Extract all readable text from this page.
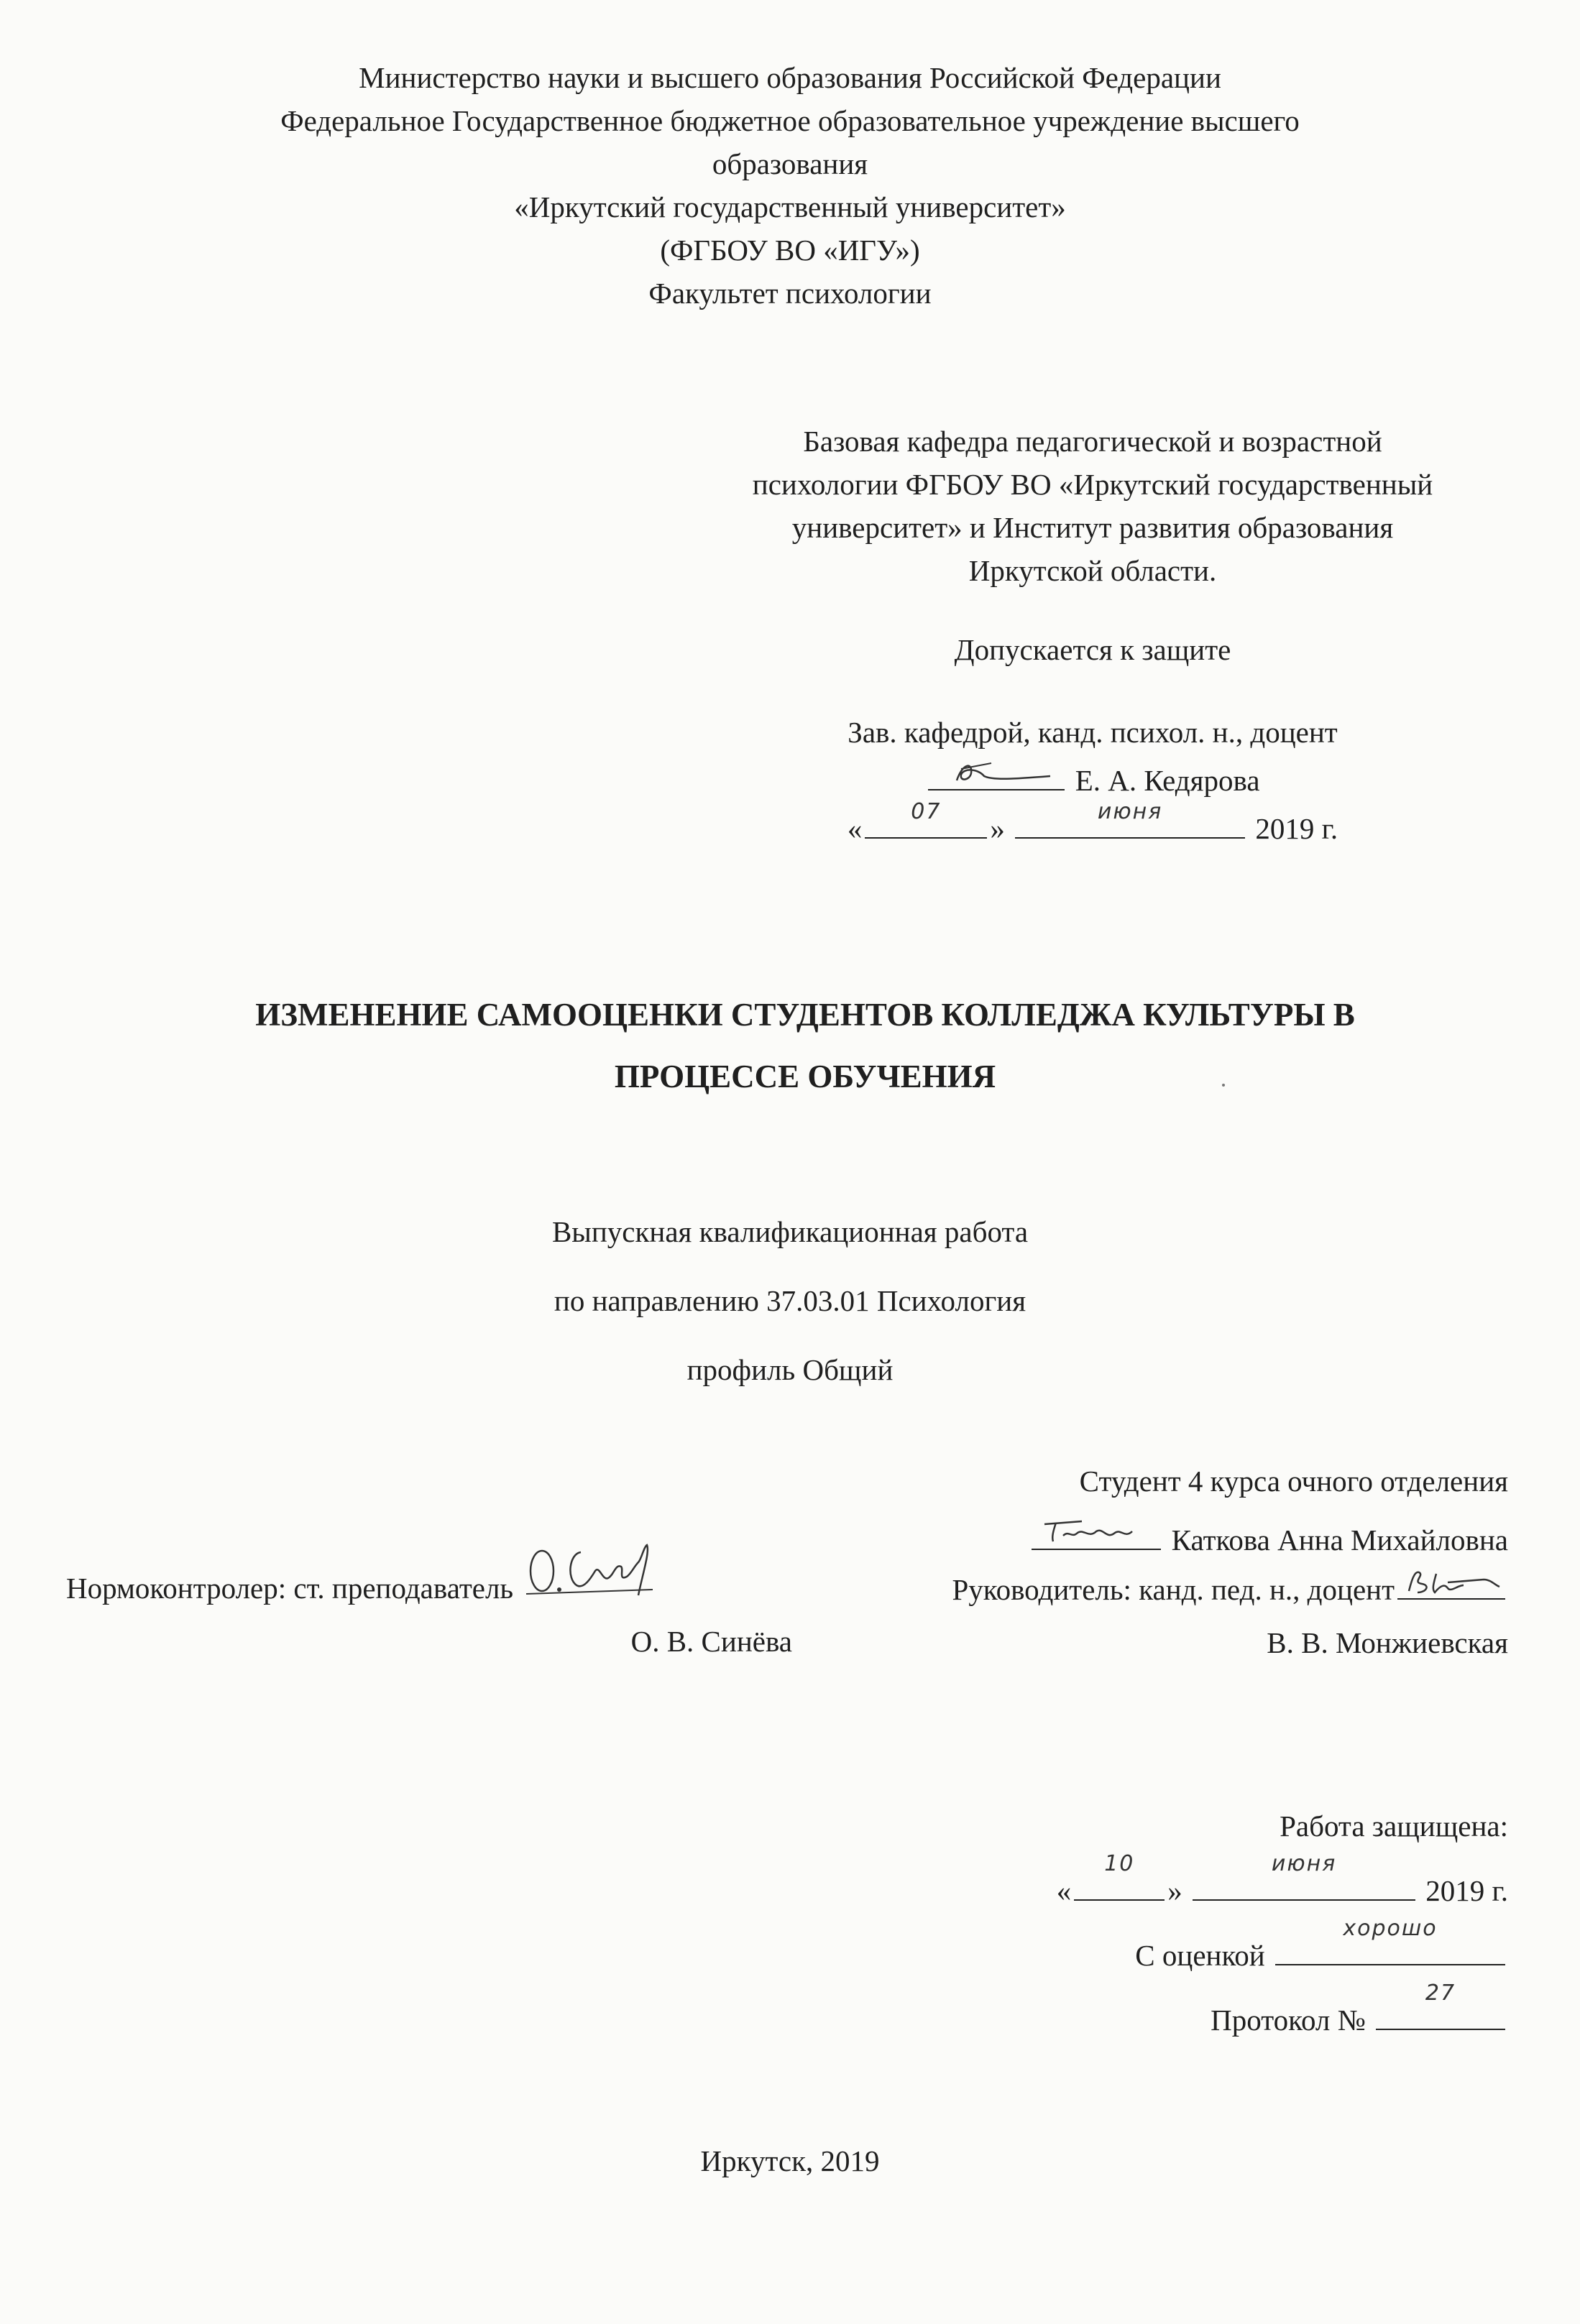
Министерство науки и высшего образования Российской Федерации
Федеральное Государственное бюджетное образовательное учреждение высшего
образования
«Иркутский государственный университет»
(ФГБОУ ВО «ИГУ»)
Факультет психологии
Базовая кафедра педагогической и возрастной
психологии ФГБОУ ВО «Иркутский государственный
университет» и Институт развития образования
Иркутской области.
Допускается к защите
Зав. кафедрой, канд. психол. н., доцент
Е. А. Кедярова
«
07
»
июня
2019 г.
ИЗМЕНЕНИЕ САМООЦЕНКИ СТУДЕНТОВ КОЛЛЕДЖА КУЛЬТУРЫ В
ПРОЦЕССЕ ОБУЧЕНИЯ
Выпускная квалификационная работа
по направлению 37.03.01 Психология
профиль Общий
Студент 4 курса очного отделения
Каткова Анна Михайловна
Нормоконтролер: ст. преподаватель
О. В. Синёва
Руководитель: канд. пед. н., доцент
В. В. Монжиевская
Работа защищена:
«
10
»
июня
2019 г.
С оценкой
хорошо
Протокол №
27
Иркутск, 2019
